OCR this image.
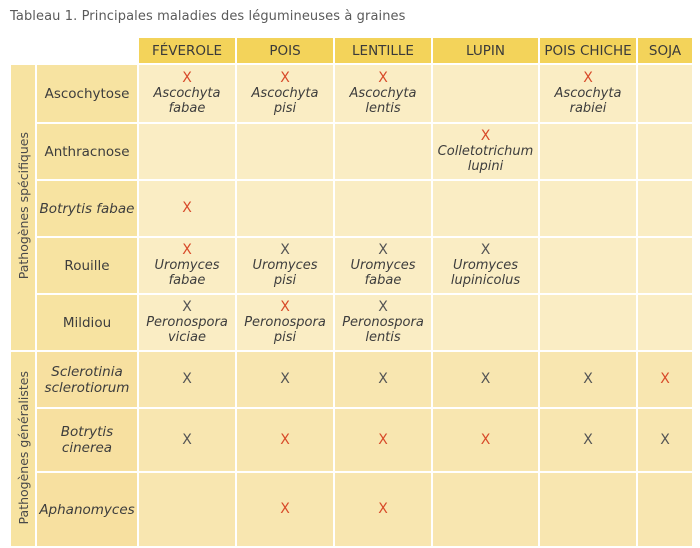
Tableau 1. Principales maladies des légumineuses à graines
		FÉVEROLE	POIS	LENTILLE	LUPIN	POIS CHICHE	SOJA
Pathogènes spécifiques	Ascochytose	X
Ascochyta
fabae	X
Ascochyta
pisi	X
Ascochyta
lentis		X
Ascochyta
rabiei	

	Anthracnose				X
Colletotrichum
lupini		

	Botrytis fabae	X					

	Rouille	X
Uromyces
fabae	X
Uromyces
pisi	X
Uromyces
fabae	X
Uromyces
lupinicolus		

	Mildiou	X
Peronospora
viciae	X
Peronospora
pisi	X
Peronospora
lentis			

Pathogènes généralistes	Sclerotinia
sclerotiorum	X	X	X	X	X	X

	Botrytis
cinerea	X	X	X	X	X	X

	Aphanomyces		X	X			
